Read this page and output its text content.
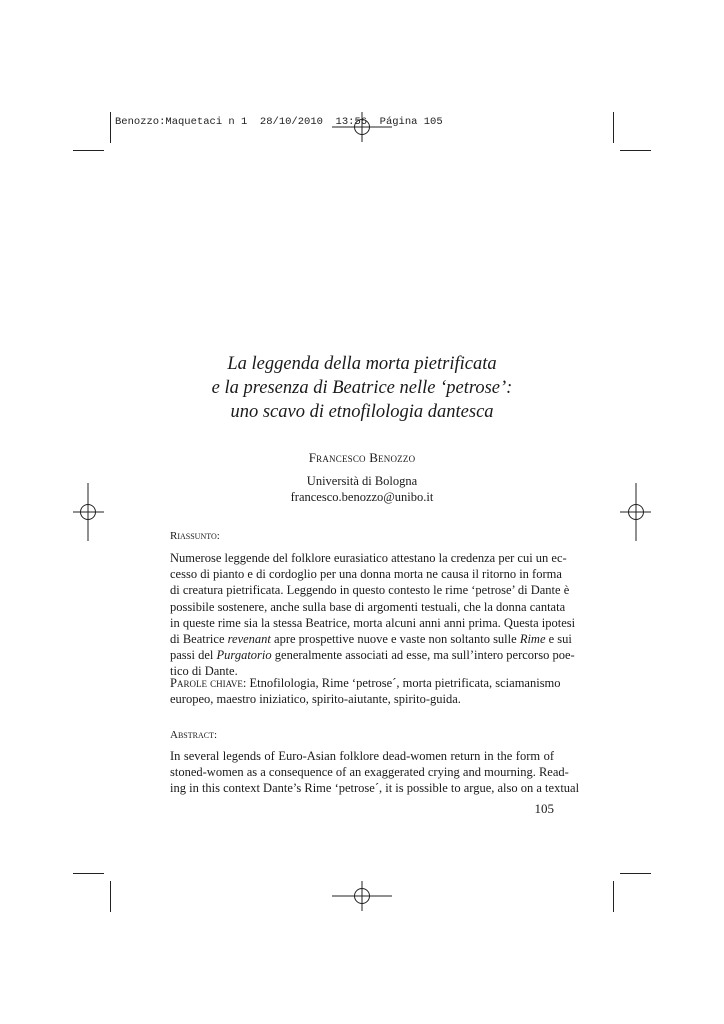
Benozzo:Maquetaci n 1  28/10/2010  13:56  Página 105
La leggenda della morta pietrificata
e la presenza di Beatrice nelle ‘petrose’:
uno scavo di etnofilologia dantesca
Francesco Benozzo
Università di Bologna
francesco.benozzo@unibo.it
Riassunto:
Numerose leggende del folklore eurasiatico attestano la credenza per cui un ec-
cesso di pianto e di cordoglio per una donna morta ne causa il ritorno in forma
di creatura pietrificata. Leggendo in questo contesto le rime ‘petrose’ di Dante è
possibile sostenere, anche sulla base di argomenti testuali, che la donna cantata
in queste rime sia la stessa Beatrice, morta alcuni anni anni prima. Questa ipotesi
di Beatrice revenant apre prospettive nuove e vaste non soltanto sulle Rime e sui
passi del Purgatorio generalmente associati ad esse, ma sull’intero percorso poe-
tico di Dante.
Parole chiave: Etnofilologia, Rime ‘petrose´, morta pietrificata, sciamanismo
europeo, maestro iniziatico, spirito-aiutante, spirito-guida.
Abstract:
In several legends of Euro-Asian folklore dead-women return in the form of
stoned-women as a consequence of an exaggerated crying and mourning. Read-
ing in this context Dante’s Rime ‘petrose´, it is possible to argue, also on a textual
105
